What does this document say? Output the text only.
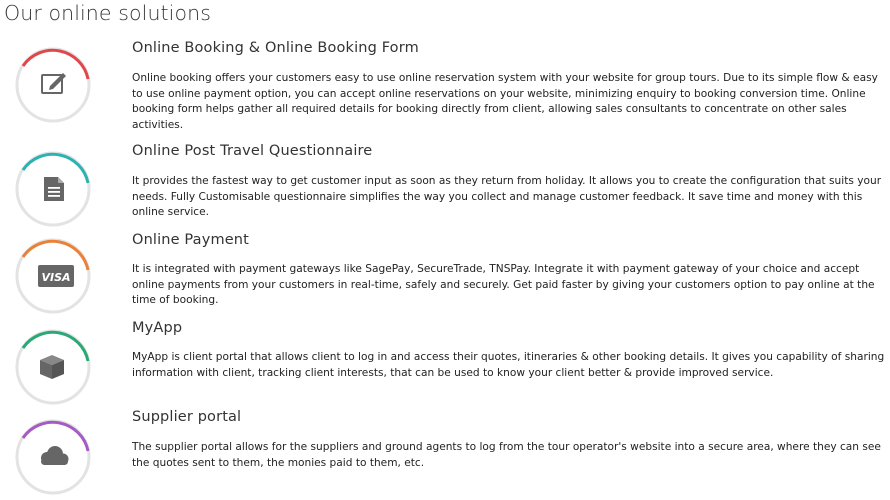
Our online solutions
Online Booking & Online Booking Form

Online booking offers your customers easy to use online reservation system with your website for group tours. Due to its simple flow & easy to use online payment option, you can accept online reservations on your website, minimizing enquiry to booking conversion time. Online booking form helps gather all required details for booking directly from client, allowing sales consultants to concentrate on other sales activities.

Online Post Travel Questionnaire

It provides the fastest way to get customer input as soon as they return from holiday. It allows you to create the configuration that suits your needs. Fully Customisable questionnaire simplifies the way you collect and manage customer feedback. It save time and money with this online service.

VISA
Online Payment

It is integrated with payment gateways like SagePay, SecureTrade, TNSPay. Integrate it with payment gateway of your choice and accept online payments from your customers in real-time, safely and securely. Get paid faster by giving your customers option to pay online at the time of booking.

MyApp

MyApp is client portal that allows client to log in and access their quotes, itineraries & other booking details. It gives you capability of sharing information with client, tracking client interests, that can be used to know your client better & provide improved service.

Supplier portal

The supplier portal allows for the suppliers and ground agents to log from the tour operator's website into a secure area, where they can see the quotes sent to them, the monies paid to them, etc.
